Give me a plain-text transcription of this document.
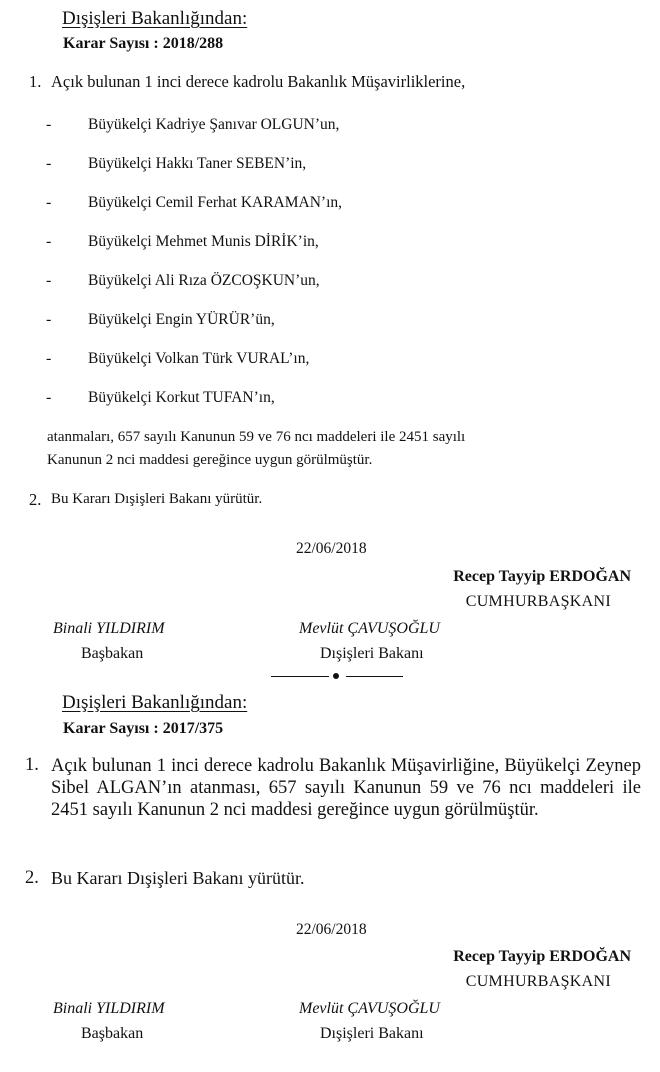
Dışişleri Bakanlığından:
Karar Sayısı : 2018/288
1. Açık bulunan 1 inci derece kadrolu Bakanlık Müşavirliklerine,
- Büyükelçi Kadriye Şanıvar OLGUN’un,
- Büyükelçi Hakkı Taner SEBEN’in,
- Büyükelçi Cemil Ferhat KARAMAN’ın,
- Büyükelçi Mehmet Munis DİRİK’in,
- Büyükelçi Ali Rıza ÖZCOŞKUN’un,
- Büyükelçi Engin YÜRÜR’ün,
- Büyükelçi Volkan Türk VURAL’ın,
- Büyükelçi Korkut TUFAN’ın,
atanmaları, 657 sayılı Kanunun 59 ve 76 ncı maddeleri ile 2451 sayılı
Kanunun 2 nci maddesi gereğince uygun görülmüştür.
2. Bu Kararı Dışişleri Bakanı yürütür.
22/06/2018
Recep Tayyip ERDOĞAN
CUMHURBAŞKANI
Binali YILDIRIM
Başbakan
Mevlüt ÇAVUŞOĞLU
Dışişleri Bakanı
Dışişleri Bakanlığından:
Karar Sayısı : 2017/375
1. Açık bulunan 1 inci derece kadrolu Bakanlık Müşavirliğine, Büyükelçi Zeynep Sibel ALGAN’ın atanması, 657 sayılı Kanunun 59 ve 76 ncı maddeleri ile 2451 sayılı Kanunun 2 nci maddesi gereğince uygun görülmüştür.
2. Bu Kararı Dışişleri Bakanı yürütür.
22/06/2018
Recep Tayyip ERDOĞAN
CUMHURBAŞKANI
Binali YILDIRIM
Başbakan
Mevlüt ÇAVUŞOĞLU
Dışişleri Bakanı
